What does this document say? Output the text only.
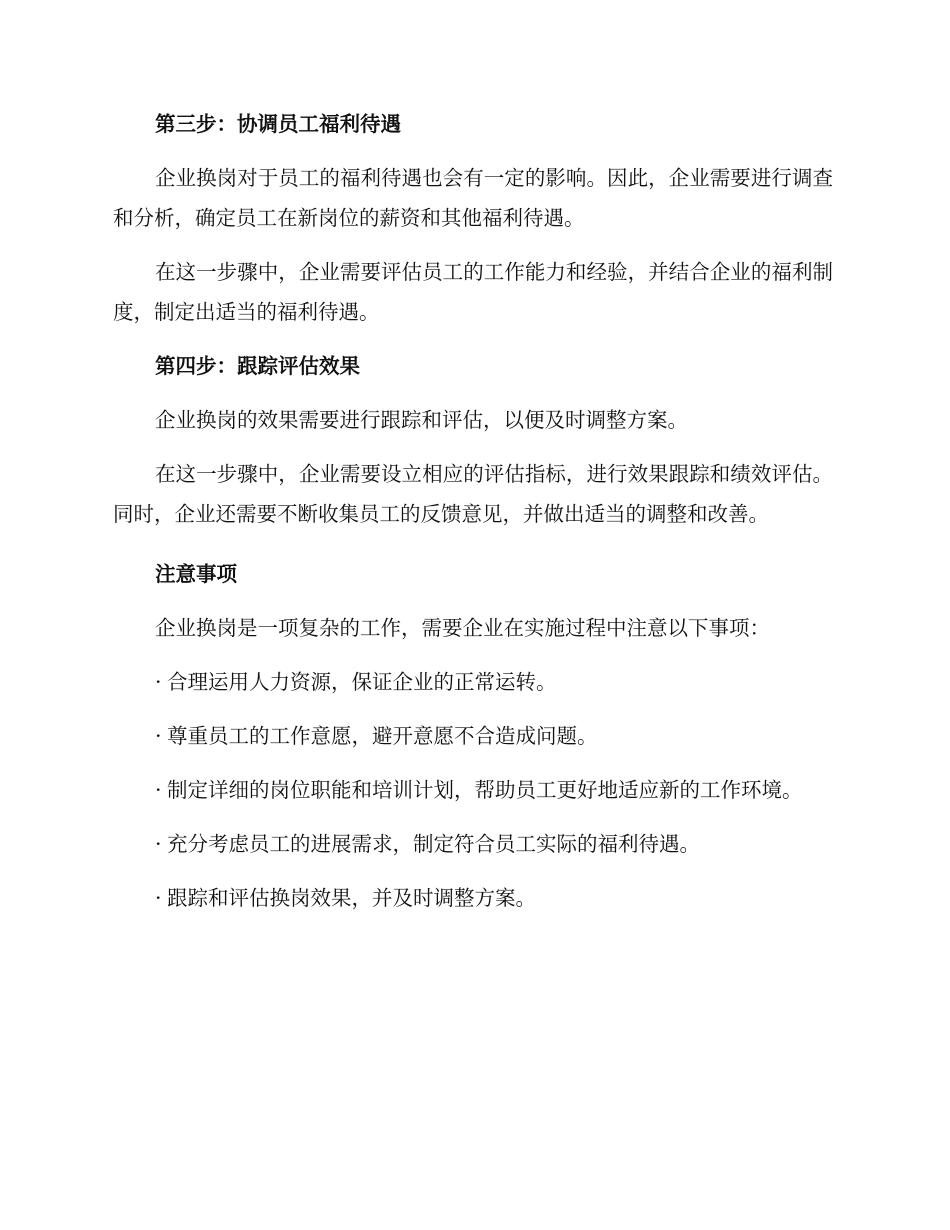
第三步：协调员工福利待遇
企业换岗对于员工的福利待遇也会有一定的影响。因此，企业需要进行调查和分析，确定员工在新岗位的薪资和其他福利待遇。
在这一步骤中，企业需要评估员工的工作能力和经验，并结合企业的福利制度，制定出适当的福利待遇。
第四步：跟踪评估效果
企业换岗的效果需要进行跟踪和评估，以便及时调整方案。
在这一步骤中，企业需要设立相应的评估指标，进行效果跟踪和绩效评估。同时，企业还需要不断收集员工的反馈意见，并做出适当的调整和改善。
注意事项
企业换岗是一项复杂的工作，需要企业在实施过程中注意以下事项：
· 合理运用人力资源，保证企业的正常运转。
· 尊重员工的工作意愿，避开意愿不合造成问题。
· 制定详细的岗位职能和培训计划，帮助员工更好地适应新的工作环境。
· 充分考虑员工的进展需求，制定符合员工实际的福利待遇。
· 跟踪和评估换岗效果，并及时调整方案。
